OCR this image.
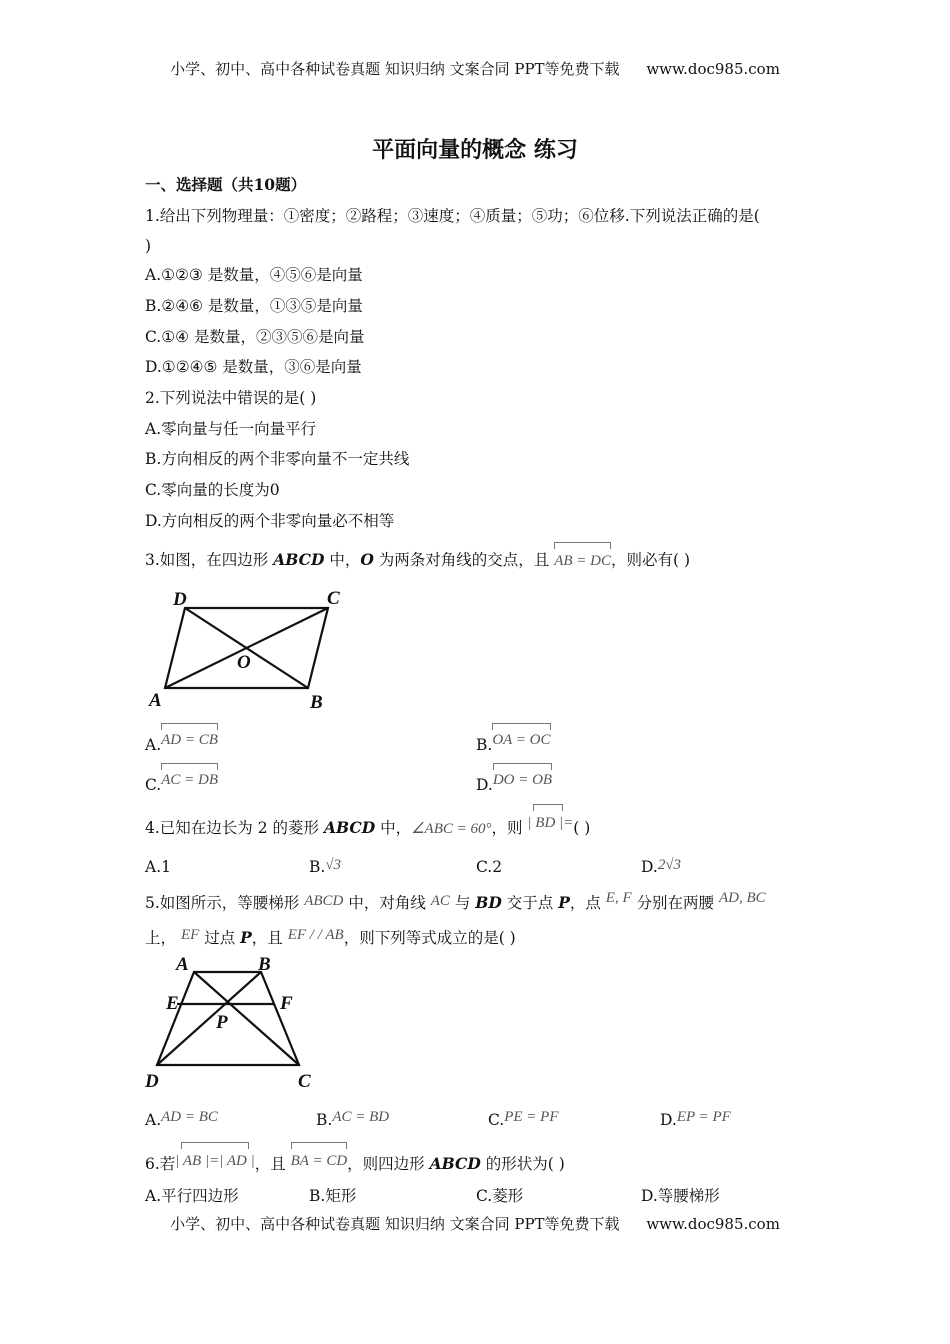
小学、初中、高中各种试卷真题 知识归纳 文案合同 PPT等免费下载 www.doc985.com
平面向量的概念 练习
一、选择题（共10题）
1.给出下列物理量：①密度；②路程；③速度；④质量；⑤功；⑥位移.下列说法正确的是(
)
A.①②③ 是数量，④⑤⑥是向量
B.②④⑥ 是数量，①③⑤是向量
C.①④ 是数量，②③⑤⑥是向量
D.①②④⑤ 是数量，③⑥是向量
2.下列说法中错误的是( )
A.零向量与任一向量平行
B.方向相反的两个非零向量不一定共线
C.零向量的长度为0
D.方向相反的两个非零向量必不相等
3.如图，在四边形 ABCD 中，O 为两条对角线的交点，且
AB = DC，则必有( )
D	C
O
A	B
A.
AD = CB	B.
OA = OC
C.
AC = DB	D.
DO = OB
4.已知在边长为 2 的菱形 ABCD 中，∠ABC = 60°，则
| BD |=( )
A.1	B.√3	C.2	D.2√3
5.如图所示，等腰梯形 ABCD 中，对角线 AC 与 BD 交于点 P，点 E, F 分别在两腰 AD, BC
上， EF 过点 P，且 EF / / AB，则下列等式成立的是( )
A	B
E	F
P
D	C
A.AD = BC	B.AC = BD	C.PE = PF	D.EP = PF
6.若
| AB |=| AD |，且
BA = CD，则四边形 ABCD 的形状为( )
A.平行四边形	B.矩形	C.菱形	D.等腰梯形
小学、初中、高中各种试卷真题 知识归纳 文案合同 PPT等免费下载 www.doc985.com
